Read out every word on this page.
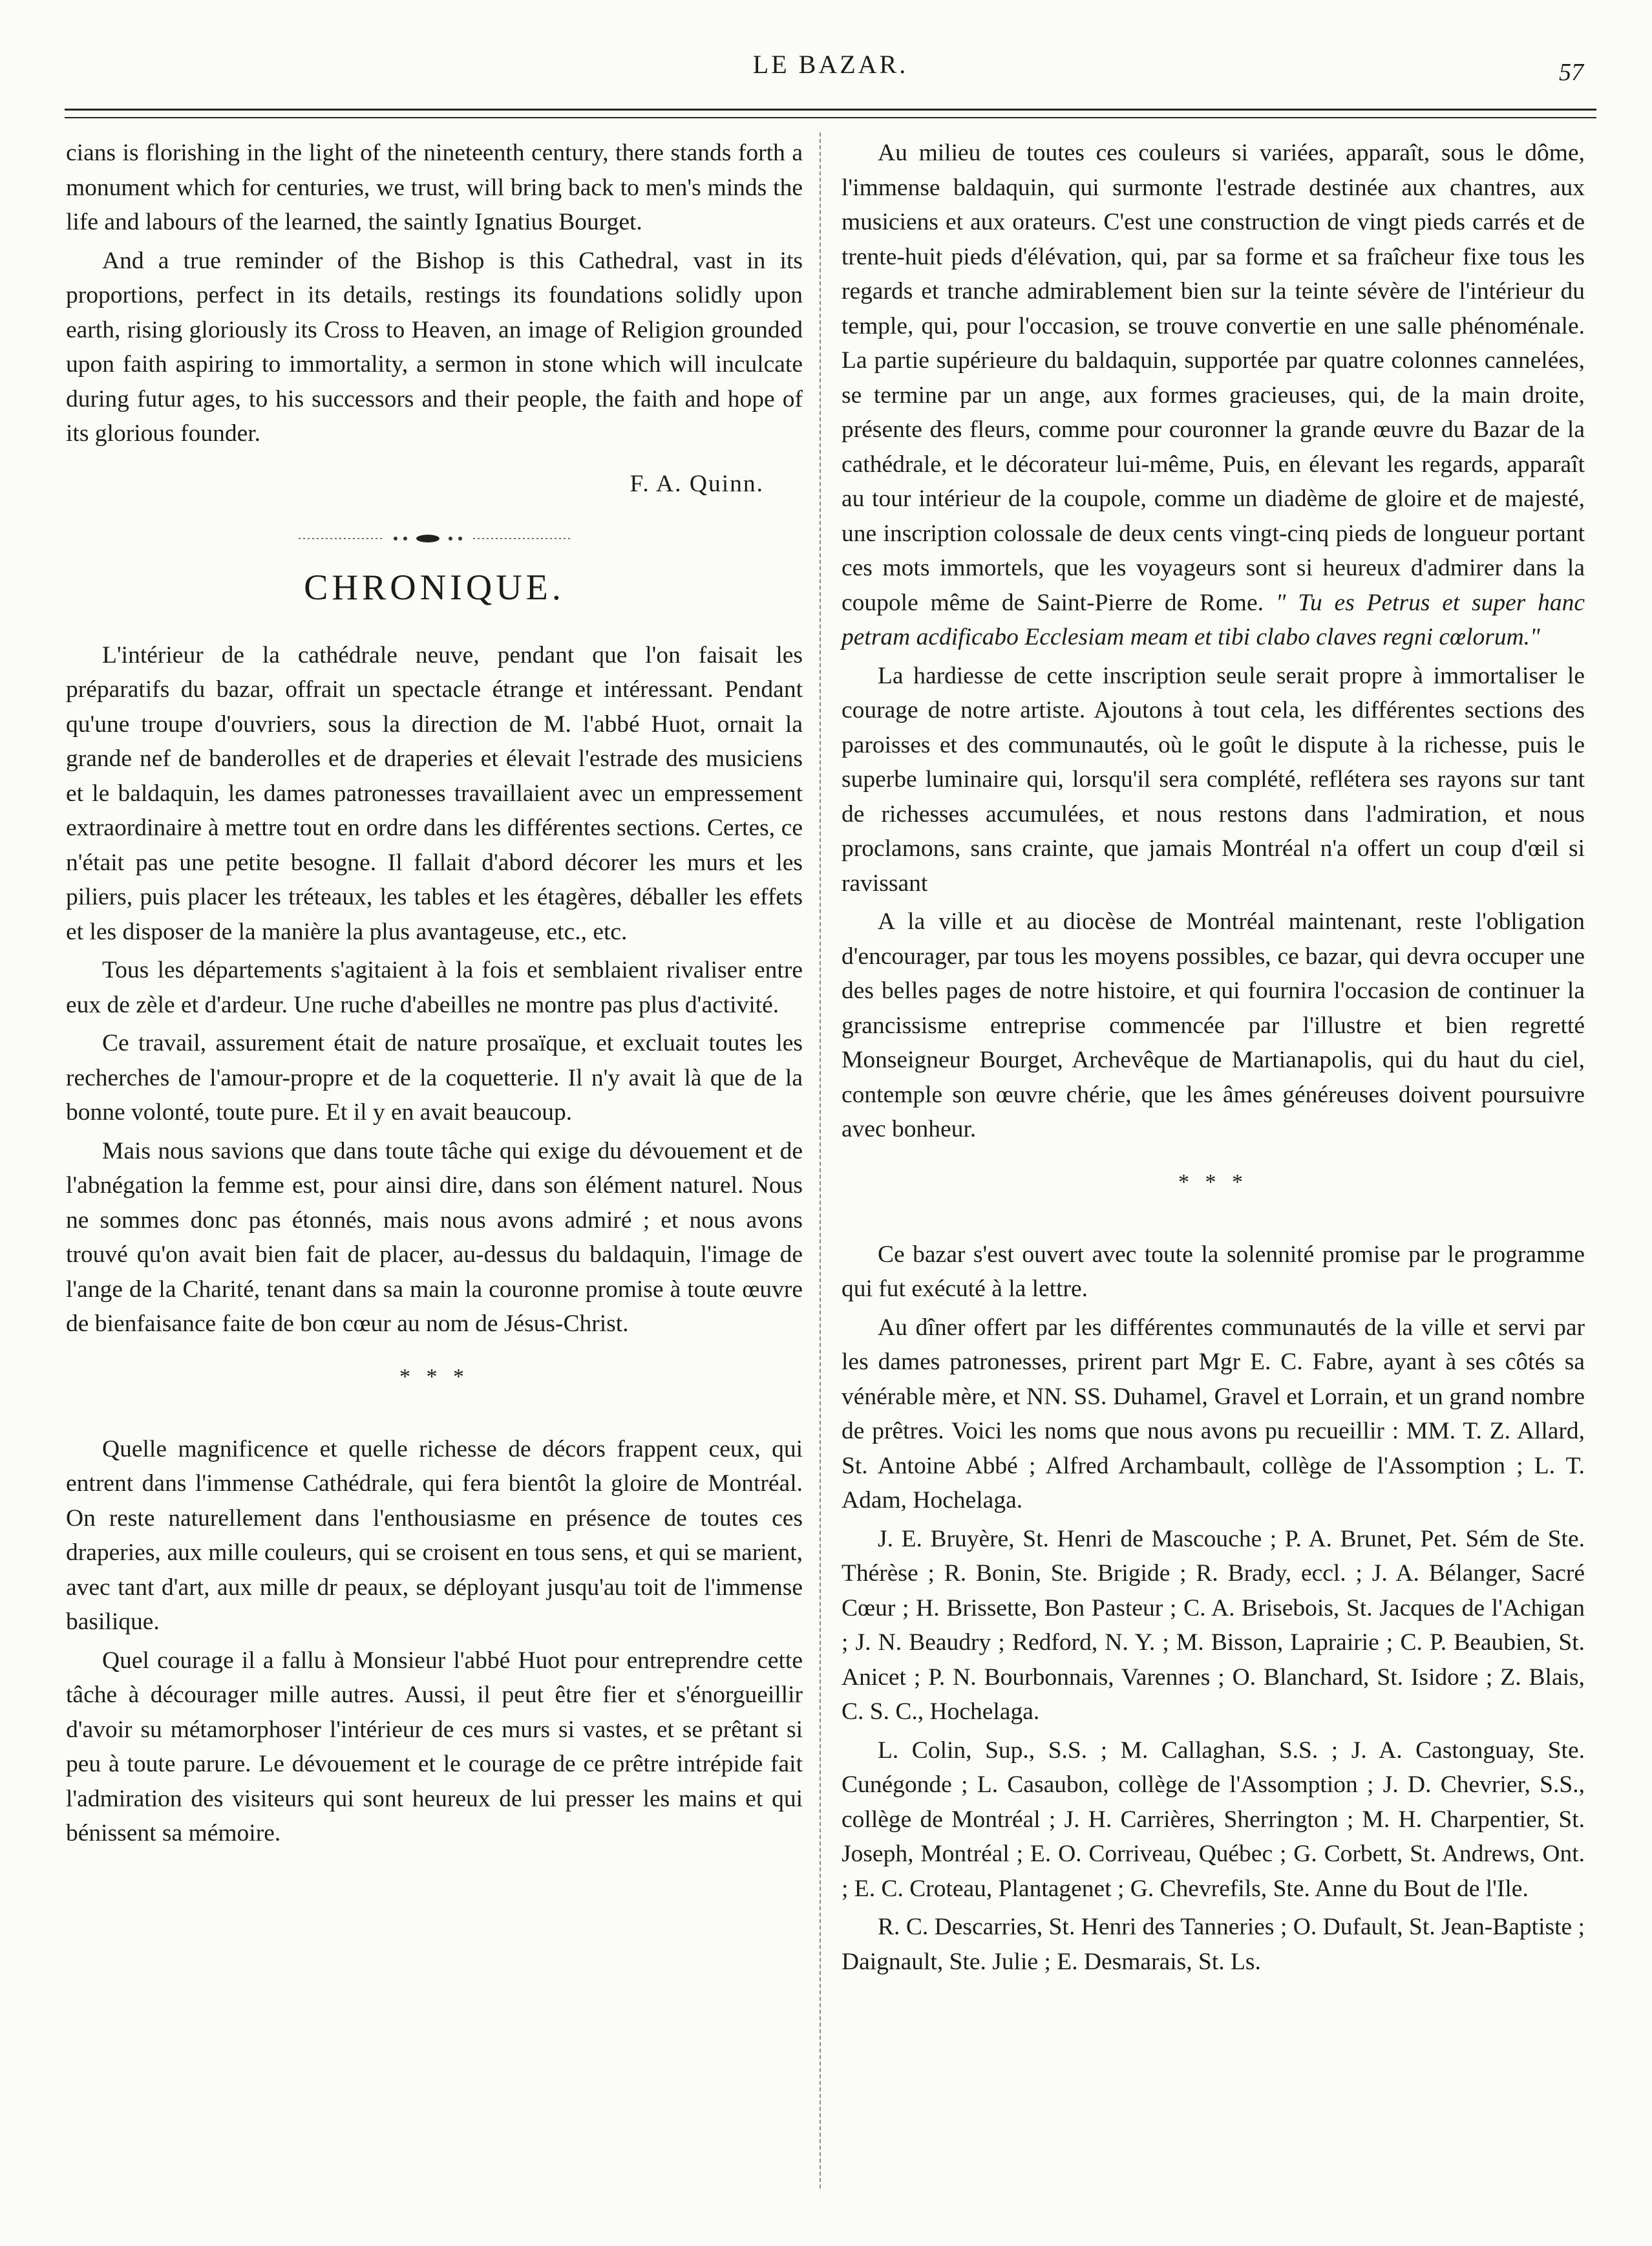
LE BAZAR.	57

cians is florishing in the light of the nineteenth century, there stands forth a monument which for centuries, we trust, will bring back to men's minds the life and labours of the learned, the saintly Ignatius Bourget.

And a true reminder of the Bishop is this Cathedral, vast in its proportions, perfect in its details, restings its foundations solidly upon earth, rising gloriously its Cross to Heaven, an image of Religion grounded upon faith aspiring to immortality, a sermon in stone which will inculcate during futur ages, to his successors and their people, the faith and hope of its glorious founder.

F. A. Quinn.

CHRONIQUE.

L'intérieur de la cathédrale neuve, pendant que l'on faisait les préparatifs du bazar, offrait un spectacle étrange et intéressant. Pendant qu'une troupe d'ouvriers, sous la direction de M. l'abbé Huot, ornait la grande nef de banderolles et de draperies et élevait l'estrade des musiciens et le baldaquin, les dames patronesses travaillaient avec un empressement extraordinaire à mettre tout en ordre dans les différentes sections. Certes, ce n'était pas une petite besogne. Il fallait d'abord décorer les murs et les piliers, puis placer les tréteaux, les tables et les étagères, déballer les effets et les disposer de la manière la plus avantageuse, etc., etc.

Tous les départements s'agitaient à la fois et semblaient rivaliser entre eux de zèle et d'ardeur. Une ruche d'abeilles ne montre pas plus d'activité.

Ce travail, assurement était de nature prosaïque, et excluait toutes les recherches de l'amour-propre et de la coquetterie. Il n'y avait là que de la bonne volonté, toute pure. Et il y en avait beaucoup.

Mais nous savions que dans toute tâche qui exige du dévouement et de l'abnégation la femme est, pour ainsi dire, dans son élément naturel. Nous ne sommes donc pas étonnés, mais nous avons admiré ; et nous avons trouvé qu'on avait bien fait de placer, au-dessus du baldaquin, l'image de l'ange de la Charité, tenant dans sa main la couronne promise à toute œuvre de bienfaisance faite de bon cœur au nom de Jésus-Christ.

* * *

Quelle magnificence et quelle richesse de décors frappent ceux, qui entrent dans l'immense Cathédrale, qui fera bientôt la gloire de Montréal. On reste naturellement dans l'enthousiasme en présence de toutes ces draperies, aux mille couleurs, qui se croisent en tous sens, et qui se marient, avec tant d'art, aux mille dr peaux, se déployant jusqu'au toit de l'immense basilique.

Quel courage il a fallu à Monsieur l'abbé Huot pour entreprendre cette tâche à décourager mille autres. Aussi, il peut être fier et s'énorgueillir d'avoir su métamorphoser l'intérieur de ces murs si vastes, et se prêtant si peu à toute parure. Le dévouement et le courage de ce prêtre intrépide fait l'admiration des visiteurs qui sont heureux de lui presser les mains et qui bénissent sa mémoire.

Au milieu de toutes ces couleurs si variées, apparaît, sous le dôme, l'immense baldaquin, qui surmonte l'estrade destinée aux chantres, aux musiciens et aux orateurs. C'est une construction de vingt pieds carrés et de trente-huit pieds d'élévation, qui, par sa forme et sa fraîcheur fixe tous les regards et tranche admirablement bien sur la teinte sévère de l'intérieur du temple, qui, pour l'occasion, se trouve convertie en une salle phénoménale. La partie supérieure du baldaquin, supportée par quatre colonnes cannelées, se termine par un ange, aux formes gracieuses, qui, de la main droite, présente des fleurs, comme pour couronner la grande œuvre du Bazar de la cathédrale, et le décorateur lui-même, Puis, en élevant les regards, apparaît au tour intérieur de la coupole, comme un diadème de gloire et de majesté, une inscription colossale de deux cents vingt-cinq pieds de longueur portant ces mots immortels, que les voyageurs sont si heureux d'admirer dans la coupole même de Saint-Pierre de Rome. " Tu es Petrus et super hanc petram acdificabo Ecclesiam meam et tibi clabo claves regni cœlorum."

La hardiesse de cette inscription seule serait propre à immortaliser le courage de notre artiste. Ajoutons à tout cela, les différentes sections des paroisses et des communautés, où le goût le dispute à la richesse, puis le superbe luminaire qui, lorsqu'il sera complété, reflétera ses rayons sur tant de richesses accumulées, et nous restons dans l'admiration, et nous proclamons, sans crainte, que jamais Montréal n'a offert un coup d'œil si ravissant

A la ville et au diocèse de Montréal maintenant, reste l'obligation d'encourager, par tous les moyens possibles, ce bazar, qui devra occuper une des belles pages de notre histoire, et qui fournira l'occasion de continuer la grancissisme entreprise commencée par l'illustre et bien regretté Monseigneur Bourget, Archevêque de Martianapolis, qui du haut du ciel, contemple son œuvre chérie, que les âmes généreuses doivent poursuivre avec bonheur.

* * *

Ce bazar s'est ouvert avec toute la solennité promise par le programme qui fut exécuté à la lettre.

Au dîner offert par les différentes communautés de la ville et servi par les dames patronesses, prirent part Mgr E. C. Fabre, ayant à ses côtés sa vénérable mère, et NN. SS. Duhamel, Gravel et Lorrain, et un grand nombre de prêtres. Voici les noms que nous avons pu recueillir : MM. T. Z. Allard, St. Antoine Abbé ; Alfred Archambault, collège de l'Assomption ; L. T. Adam, Hochelaga.

J. E. Bruyère, St. Henri de Mascouche ; P. A. Brunet, Pet. Sém de Ste. Thérèse ; R. Bonin, Ste. Brigide ; R. Brady, eccl. ; J. A. Bélanger, Sacré Cœur ; H. Brissette, Bon Pasteur ; C. A. Brisebois, St. Jacques de l'Achigan ; J. N. Beaudry ; Redford, N. Y. ; M. Bisson, Laprairie ; C. P. Beaubien, St. Anicet ; P. N. Bourbonnais, Varennes ; O. Blanchard, St. Isidore ; Z. Blais, C. S. C., Hochelaga.

L. Colin, Sup., S.S. ; M. Callaghan, S.S. ; J. A. Castonguay, Ste. Cunégonde ; L. Casaubon, collège de l'Assomption ; J. D. Chevrier, S.S., collège de Montréal ; J. H. Carrières, Sherrington ; M. H. Charpentier, St. Joseph, Montréal ; E. O. Corriveau, Québec ; G. Corbett, St. Andrews, Ont. ; E. C. Croteau, Plantagenet ; G. Chevrefils, Ste. Anne du Bout de l'Ile.

R. C. Descarries, St. Henri des Tanneries ; O. Dufault, St. Jean-Baptiste ; Daignault, Ste. Julie ; E. Desmarais, St. Ls.
